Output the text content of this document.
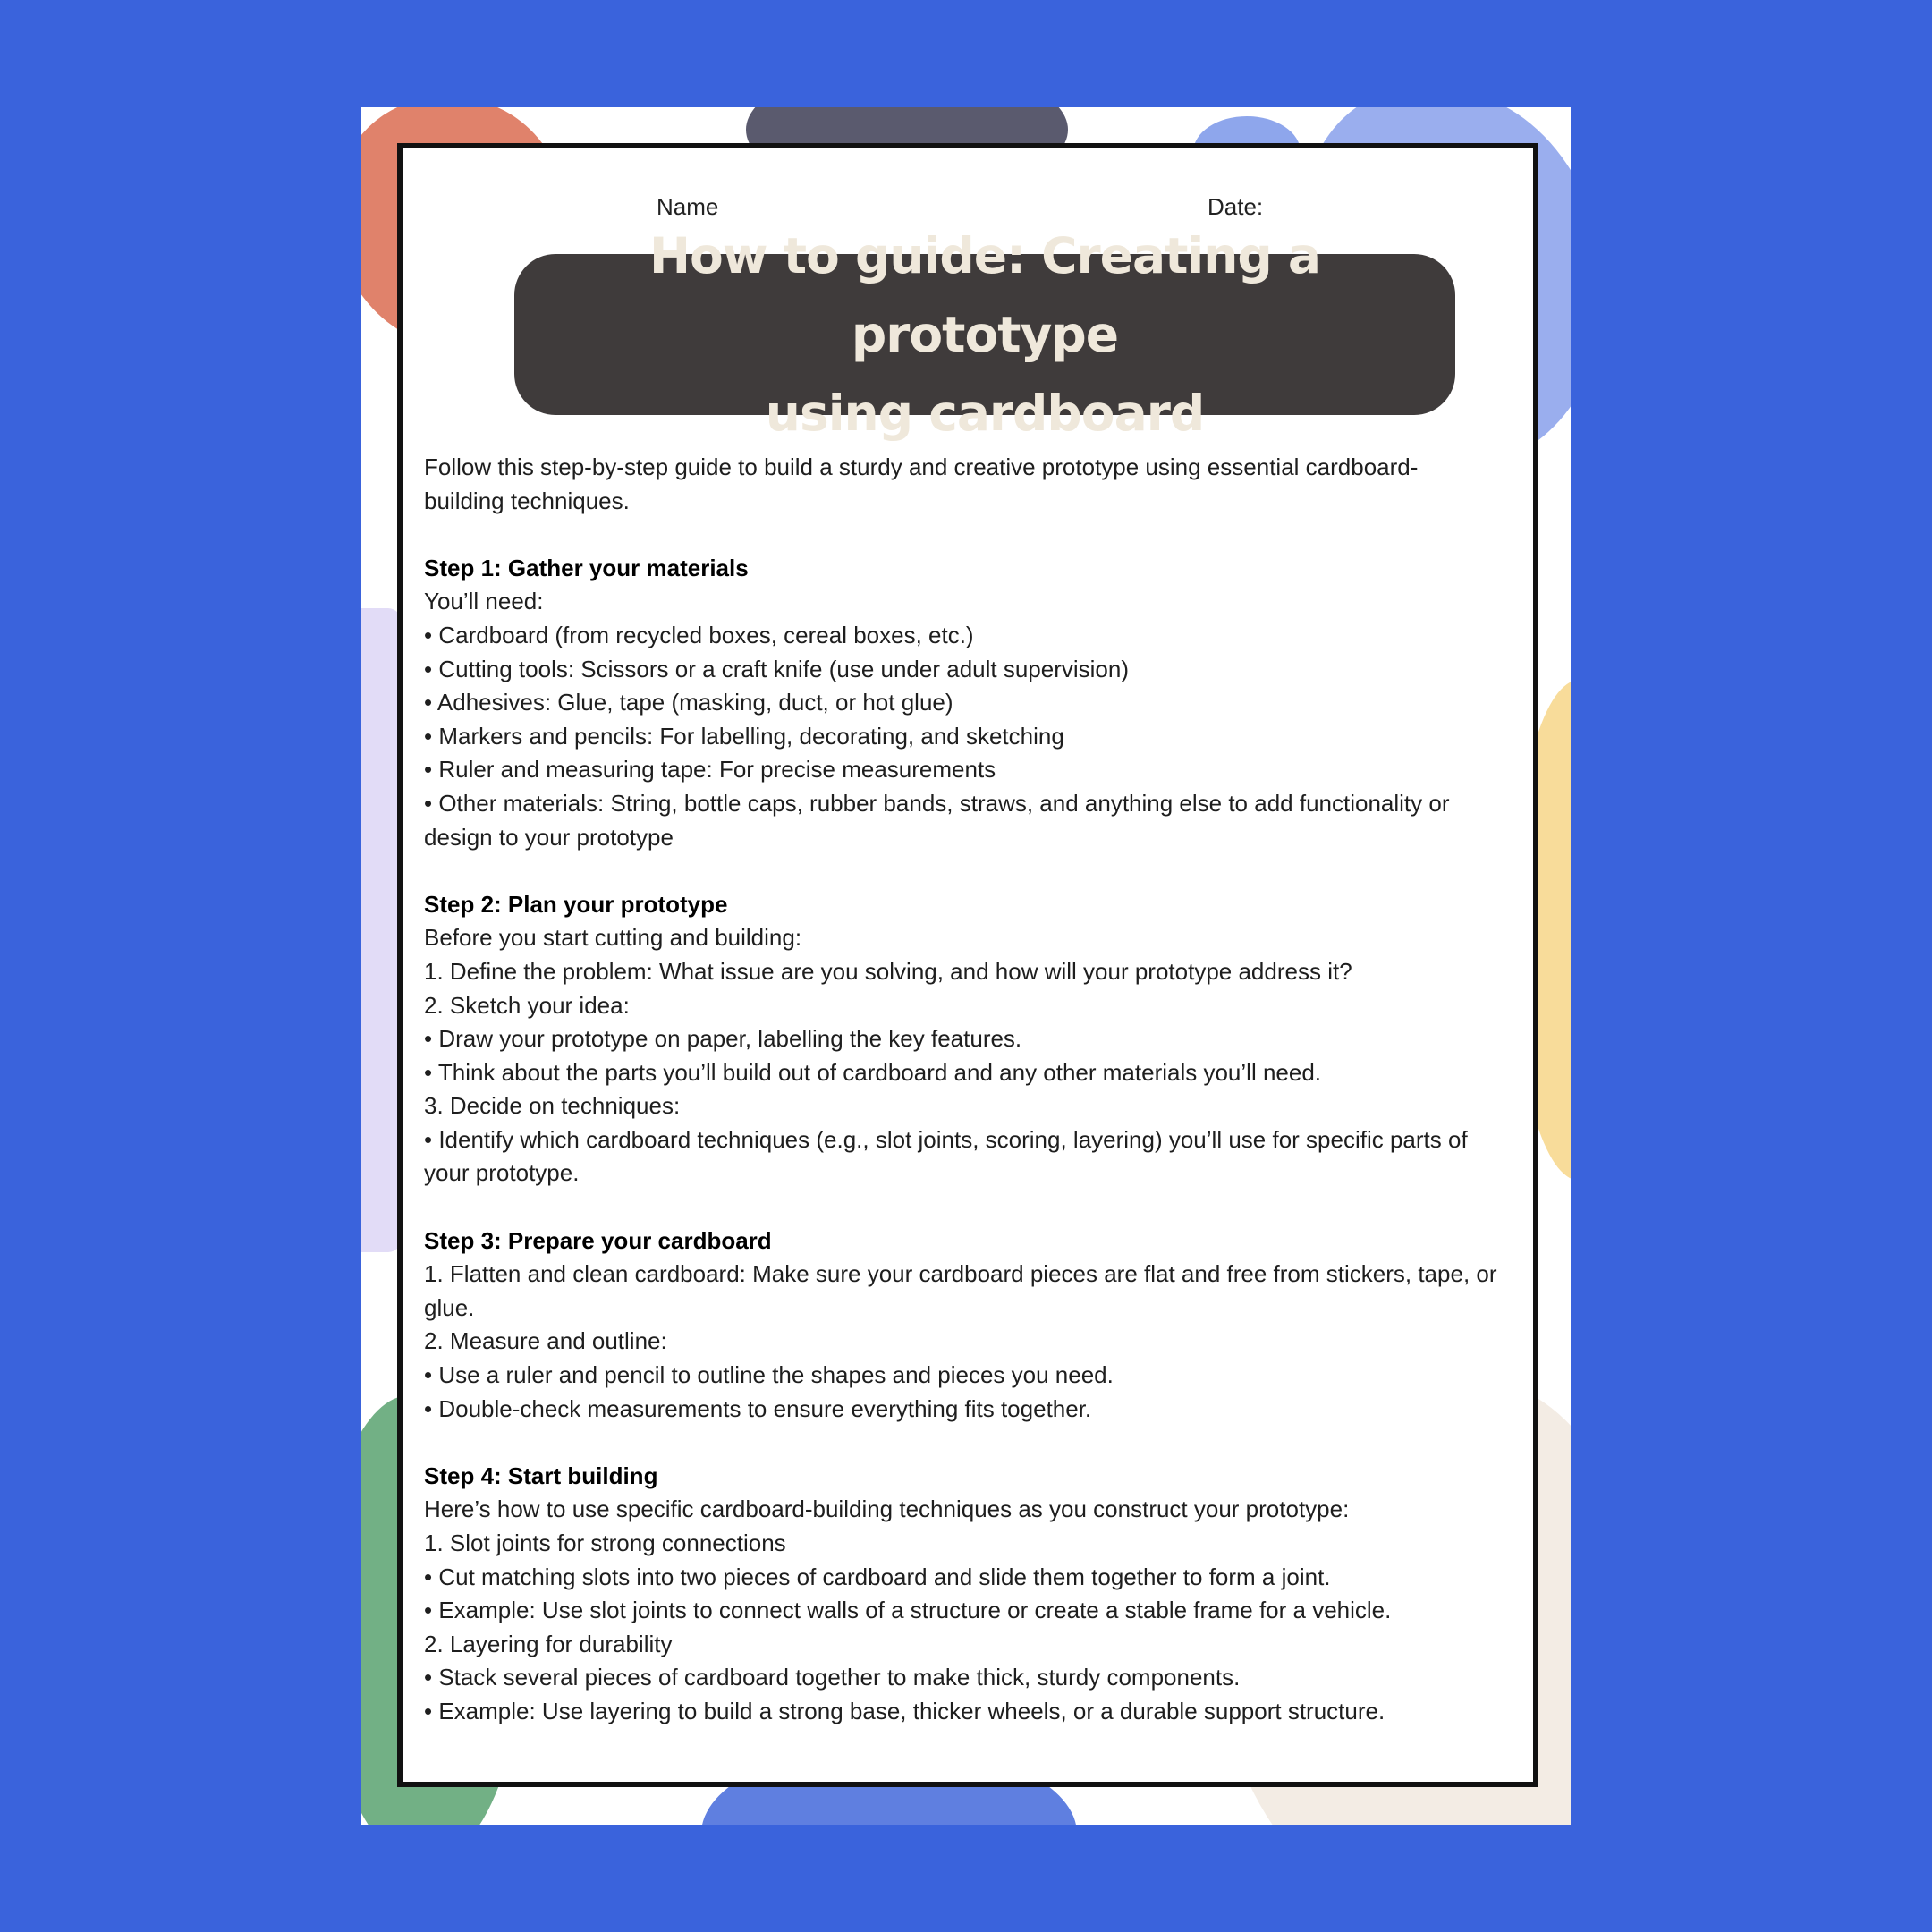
Name	Date:
How to guide: Creating a prototype
using cardboard

Follow this step-by-step guide to build a sturdy and creative prototype using essential cardboard-

building techniques.

Step 1: Gather your materials

You’ll need:

• Cardboard (from recycled boxes, cereal boxes, etc.)

• Cutting tools: Scissors or a craft knife (use under adult supervision)

• Adhesives: Glue, tape (masking, duct, or hot glue)

• Markers and pencils: For labelling, decorating, and sketching

• Ruler and measuring tape: For precise measurements

• Other materials: String, bottle caps, rubber bands, straws, and anything else to add functionality or

design to your prototype

Step 2: Plan your prototype

Before you start cutting and building:

1. Define the problem: What issue are you solving, and how will your prototype address it?

2. Sketch your idea:

• Draw your prototype on paper, labelling the key features.

• Think about the parts you’ll build out of cardboard and any other materials you’ll need.

3. Decide on techniques:

• Identify which cardboard techniques (e.g., slot joints, scoring, layering) you’ll use for specific parts of

your prototype.

Step 3: Prepare your cardboard

1. Flatten and clean cardboard: Make sure your cardboard pieces are flat and free from stickers, tape, or

glue.

2. Measure and outline:

• Use a ruler and pencil to outline the shapes and pieces you need.

• Double-check measurements to ensure everything fits together.

Step 4: Start building

Here’s how to use specific cardboard-building techniques as you construct your prototype:

1. Slot joints for strong connections

• Cut matching slots into two pieces of cardboard and slide them together to form a joint.

• Example: Use slot joints to connect walls of a structure or create a stable frame for a vehicle.

2. Layering for durability

• Stack several pieces of cardboard together to make thick, sturdy components.

• Example: Use layering to build a strong base, thicker wheels, or a durable support structure.
